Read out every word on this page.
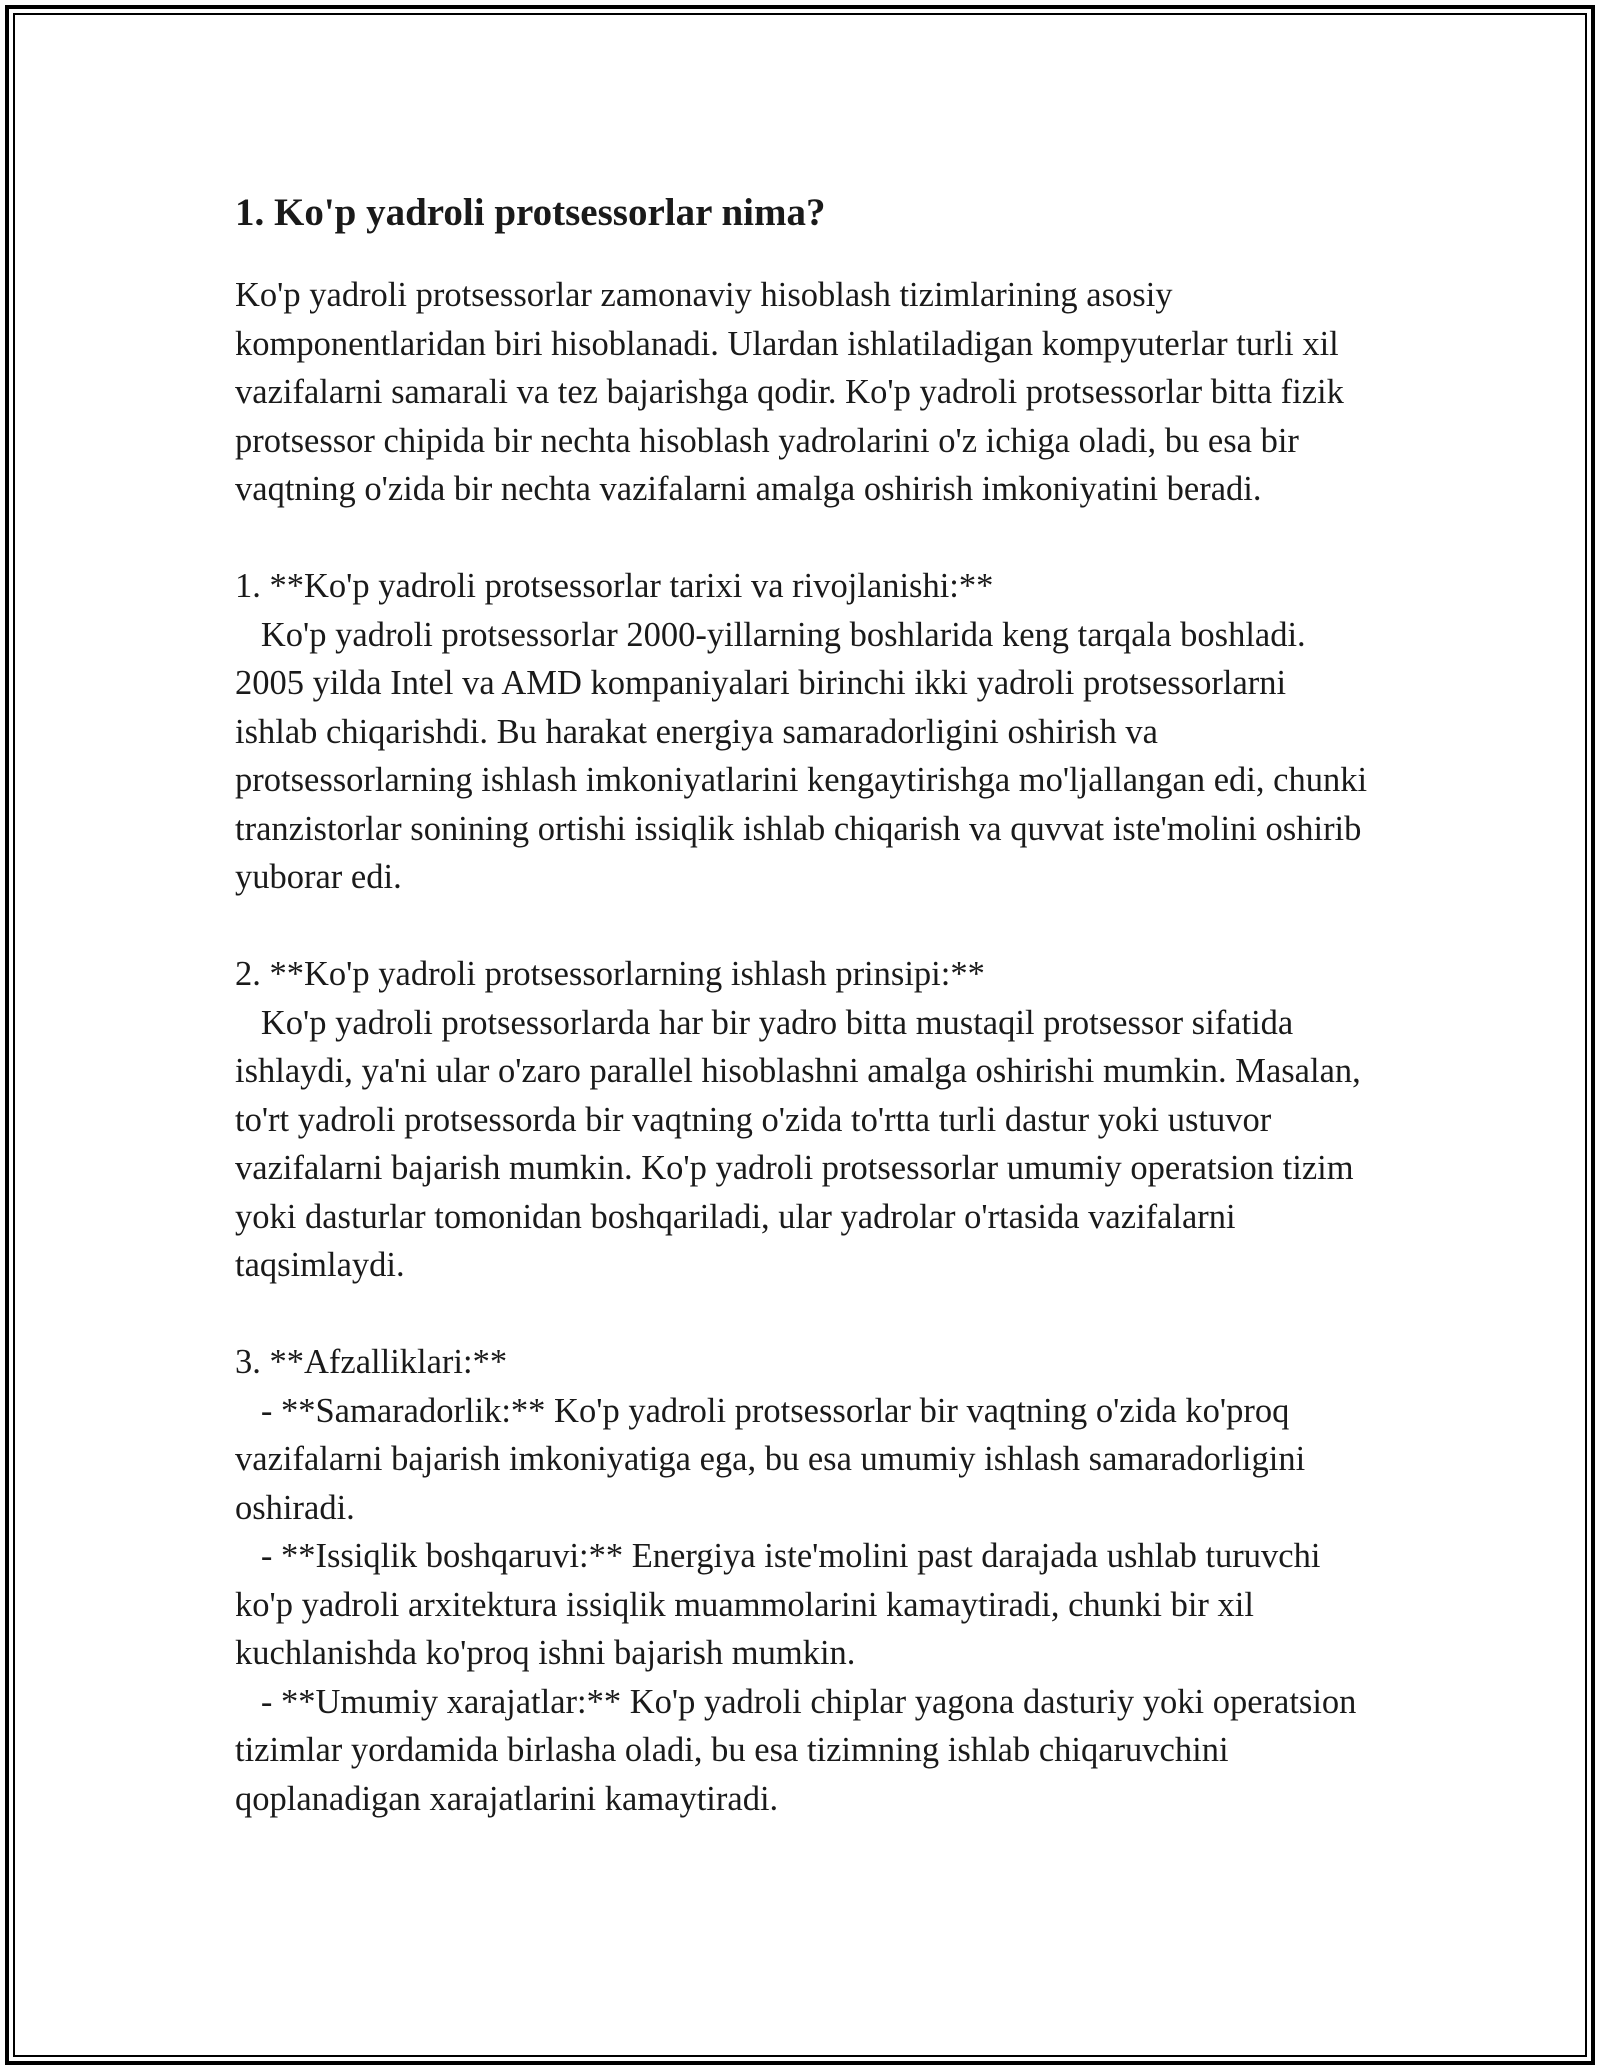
1. Ko'p yadroli protsessorlar nima?

Ko'p yadroli protsessorlar zamonaviy hisoblash tizimlarining asosiy komponentlaridan biri hisoblanadi. Ulardan ishlatiladigan kompyuterlar turli xil vazifalarni samarali va tez bajarishga qodir. Ko'p yadroli protsessorlar bitta fizik protsessor chipida bir nechta hisoblash yadrolarini o'z ichiga oladi, bu esa bir vaqtning o'zida bir nechta vazifalarni amalga oshirish imkoniyatini beradi.

1. **Ko'p yadroli protsessorlar tarixi va rivojlanishi:**

Ko'p yadroli protsessorlar 2000-yillarning boshlarida keng tarqala boshladi. 2005 yilda Intel va AMD kompaniyalari birinchi ikki yadroli protsessorlarni ishlab chiqarishdi. Bu harakat energiya samaradorligini oshirish va protsessorlarning ishlash imkoniyatlarini kengaytirishga mo'ljallangan edi, chunki tranzistorlar sonining ortishi issiqlik ishlab chiqarish va quvvat iste'molini oshirib yuborar edi.

2. **Ko'p yadroli protsessorlarning ishlash prinsipi:**

Ko'p yadroli protsessorlarda har bir yadro bitta mustaqil protsessor sifatida ishlaydi, ya'ni ular o'zaro parallel hisoblashni amalga oshirishi mumkin. Masalan, to'rt yadroli protsessorda bir vaqtning o'zida to'rtta turli dastur yoki ustuvor vazifalarni bajarish mumkin. Ko'p yadroli protsessorlar umumiy operatsion tizim yoki dasturlar tomonidan boshqariladi, ular yadrolar o'rtasida vazifalarni taqsimlaydi.

3. **Afzalliklari:**

- **Samaradorlik:** Ko'p yadroli protsessorlar bir vaqtning o'zida ko'proq vazifalarni bajarish imkoniyatiga ega, bu esa umumiy ishlash samaradorligini oshiradi.

- **Issiqlik boshqaruvi:** Energiya iste'molini past darajada ushlab turuvchi ko'p yadroli arxitektura issiqlik muammolarini kamaytiradi, chunki bir xil kuchlanishda ko'proq ishni bajarish mumkin.

- **Umumiy xarajatlar:** Ko'p yadroli chiplar yagona dasturiy yoki operatsion tizimlar yordamida birlasha oladi, bu esa tizimning ishlab chiqaruvchini qoplanadigan xarajatlarini kamaytiradi.
